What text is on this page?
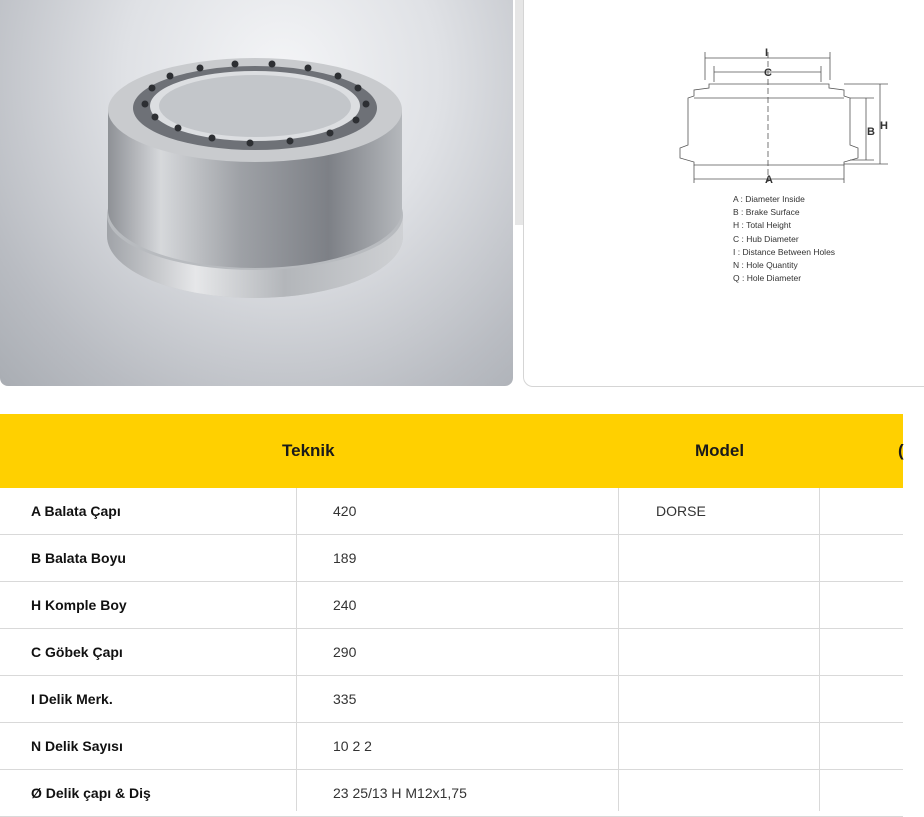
I
C
A
B H
A : Diameter Inside
B : Brake Surface
H : Total Height
C : Hub Diameter
I : Distance Between Holes
N : Hole Quantity
Q : Hole Diameter
Teknik	Model	(
A Balata Çapı	420	DORSE
B Balata Boyu	189
H Komple Boy	240
C Göbek Çapı	290
I Delik Merk.	335
N Delik Sayısı	10 2 2
Ø Delik çapı & Diş	23 25/13 H M12x1,75
